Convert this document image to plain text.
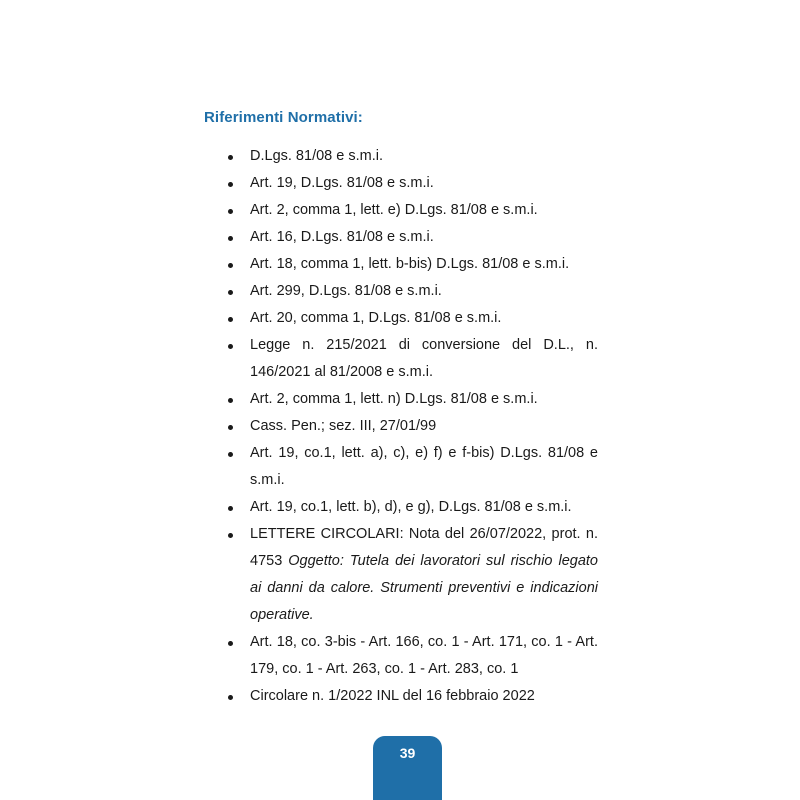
Riferimenti Normativi:
D.Lgs. 81/08 e s.m.i.
Art. 19, D.Lgs. 81/08 e s.m.i.
Art. 2, comma 1, lett. e) D.Lgs. 81/08 e s.m.i.
Art. 16, D.Lgs. 81/08 e s.m.i.
Art. 18, comma 1, lett. b-bis) D.Lgs. 81/08 e s.m.i.
Art. 299, D.Lgs. 81/08 e s.m.i.
Art. 20, comma 1, D.Lgs. 81/08 e s.m.i.
Legge n. 215/2021 di conversione del D.L., n. 146/2021 al 81/2008 e s.m.i.
Art. 2, comma 1, lett. n) D.Lgs. 81/08 e s.m.i.
Cass. Pen.; sez. III, 27/01/99
Art. 19, co.1, lett. a), c), e) f) e f-bis) D.Lgs. 81/08 e s.m.i.
Art. 19, co.1, lett. b), d), e g), D.Lgs. 81/08 e s.m.i.
LETTERE CIRCOLARI: Nota del 26/07/2022, prot. n. 4753 Oggetto: Tutela dei lavoratori sul rischio legato ai danni da calore. Strumenti preventivi e indicazioni operative.
Art. 18, co. 3-bis - Art. 166, co. 1 - Art. 171, co. 1 - Art. 179, co. 1 - Art. 263, co. 1 - Art. 283, co. 1
Circolare n. 1/2022 INL del 16 febbraio 2022
39
